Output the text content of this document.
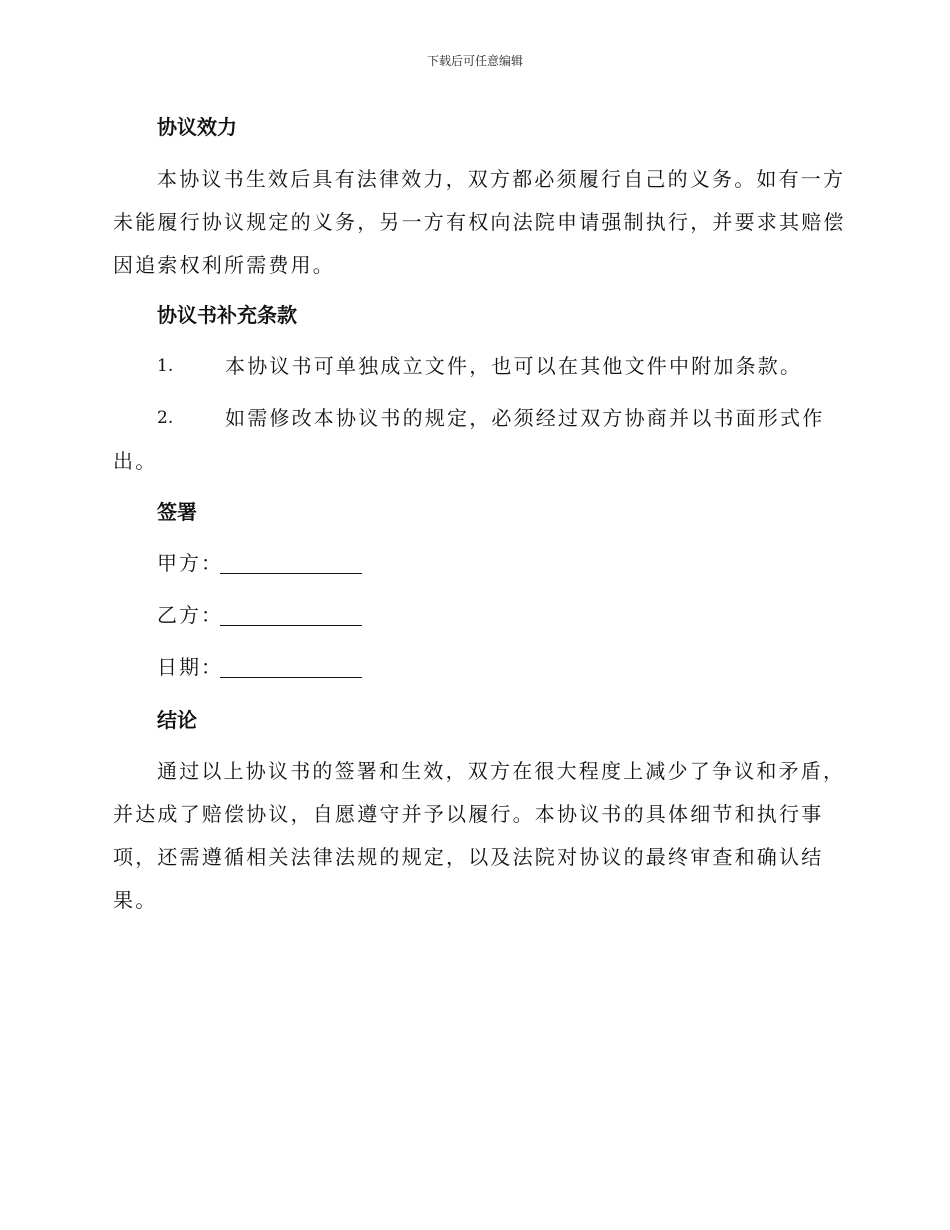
下载后可任意编辑
协议效力
本协议书生效后具有法律效力，双方都必须履行自己的义务。如有一方未能履行协议规定的义务，另一方有权向法院申请强制执行，并要求其赔偿因追索权利所需费用。
协议书补充条款
1.	本协议书可单独成立文件，也可以在其他文件中附加条款。
2.	如需修改本协议书的规定，必须经过双方协商并以书面形式作出。
签署
甲方：
乙方：
日期：
结论
通过以上协议书的签署和生效，双方在很大程度上减少了争议和矛盾，并达成了赔偿协议，自愿遵守并予以履行。本协议书的具体细节和执行事项，还需遵循相关法律法规的规定，以及法院对协议的最终审查和确认结果。
